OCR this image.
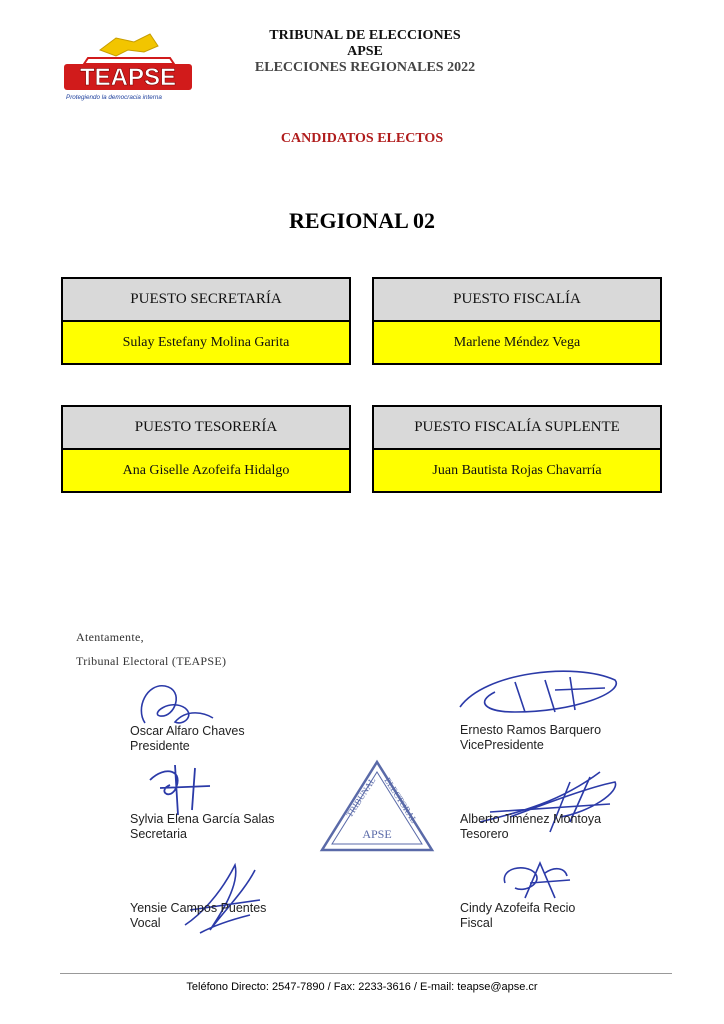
TEAPSE
Protegiendo la democracia interna
TRIBUNAL DE ELECCIONES
APSE
ELECCIONES REGIONALES 2022
CANDIDATOS ELECTOS
REGIONAL 02
PUESTO SECRETARÍA
Sulay Estefany Molina Garita
PUESTO FISCALÍA
Marlene Méndez Vega
PUESTO TESORERÍA
Ana Giselle Azofeifa Hidalgo
PUESTO FISCALÍA SUPLENTE
Juan Bautista Rojas Chavarría
Atentamente,
Tribunal Electoral (TEAPSE)
Oscar Alfaro Chaves
Presidente
Ernesto Ramos Barquero
VicePresidente
Sylvia Elena García Salas
Secretaria
Alberto Jiménez Montoya
Tesorero
Yensie Campos Puentes
Vocal
Cindy Azofeifa Recio
Fiscal
TRIBUNAL ELECTORAL
APSE
Teléfono Directo: 2547-7890 / Fax: 2233-3616 / E-mail: teapse@apse.cr
